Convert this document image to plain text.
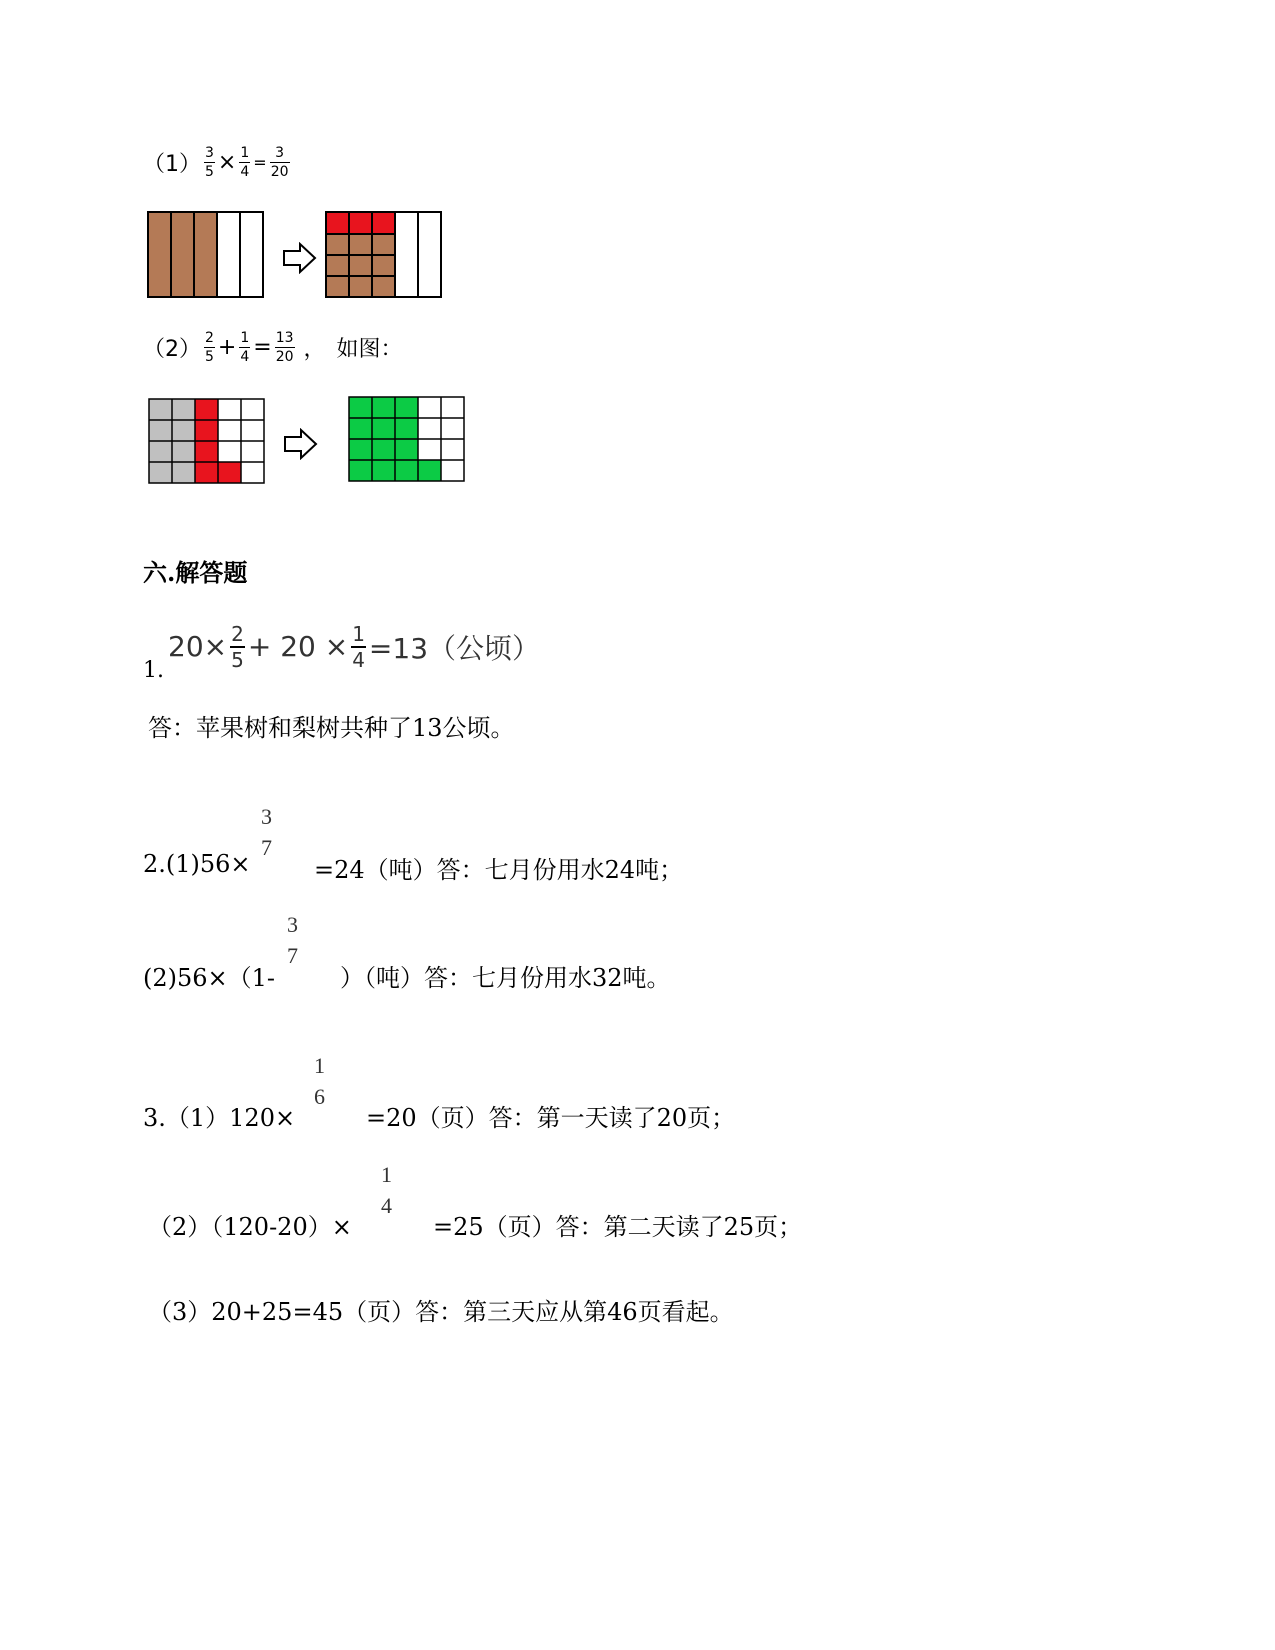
$(1) \frac{3}{5} \times \frac{1}{4} = \frac{3}{20}$
$(2) \frac{2}{5} + \frac{1}{4} = \frac{13}{20}$ ，　如图：
六.解答题
$20\times \frac{2}{5} + 20 \times \frac{1}{4} =13$（公顷）
1.
答：苹果树和梨树共种了13公顷。
2.(1)56×
3
7
=24（吨）答：七月份用水24吨；
(2)56×（1-
3
7
）（吨）答：七月份用水32吨。
3.（1）120×
1
6
=20（页）答：第一天读了20页；
（2）（120-20）×
1
4
=25（页）答：第二天读了25页；
（3）20+25=45（页）答：第三天应从第46页看起。
